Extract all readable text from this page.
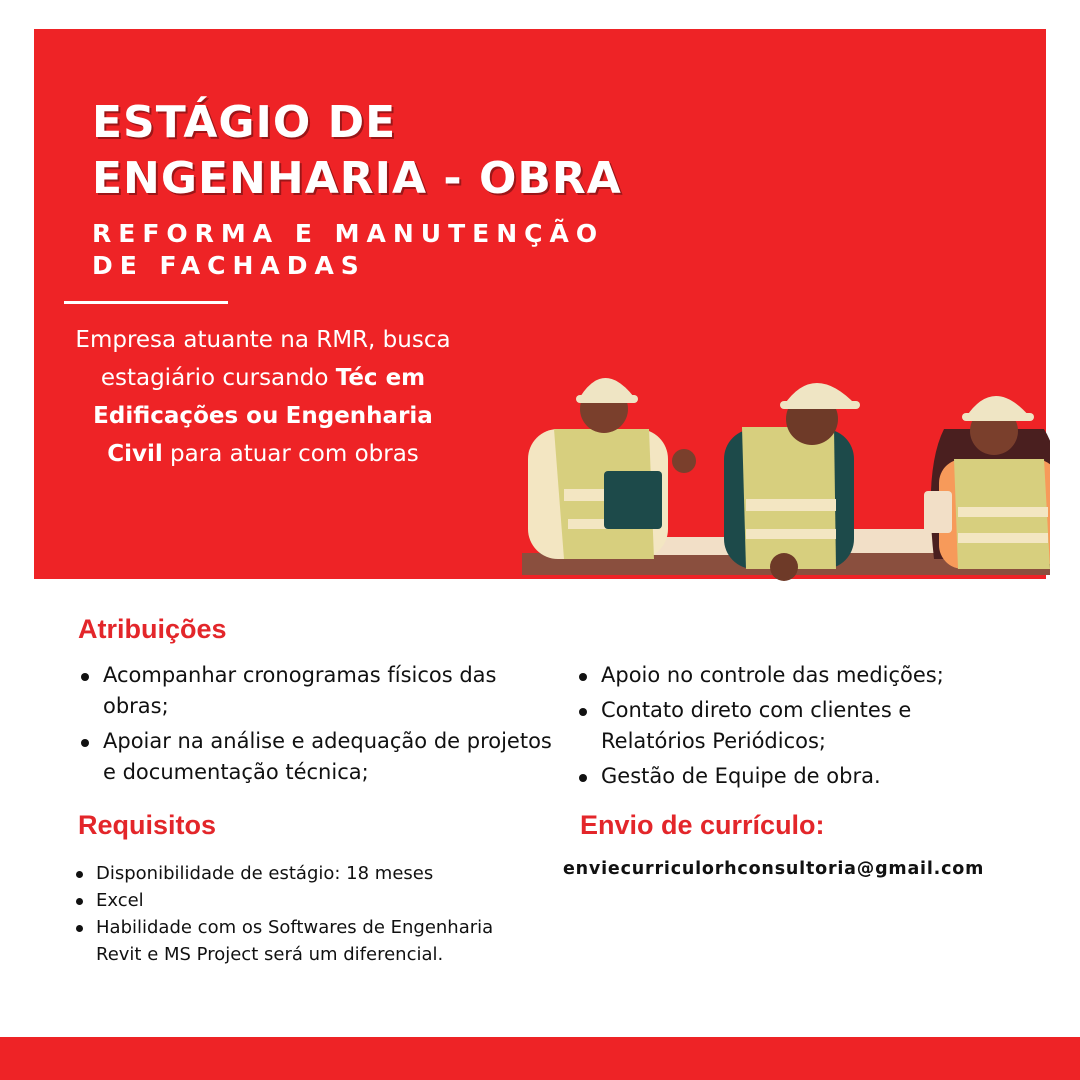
ESTÁGIO DE
ENGENHARIA - OBRA
REFORMA E MANUTENÇÃO
DE FACHADAS

Empresa atuante na RMR, busca estagiário cursando Téc em Edificações ou Engenharia Civil para atuar com obras

Atribuições
Acompanhar cronogramas físicos das obras;
Apoiar na análise e adequação de projetos e documentação técnica;
Apoio no controle das medições;
Contato direto com clientes e Relatórios Periódicos;
Gestão de Equipe de obra.
Requisitos
Disponibilidade de estágio: 18 meses
Excel
Habilidade com os Softwares de Engenharia Revit e MS Project será um diferencial.
Envio de currículo:

enviecurriculorhconsultoria@gmail.com
